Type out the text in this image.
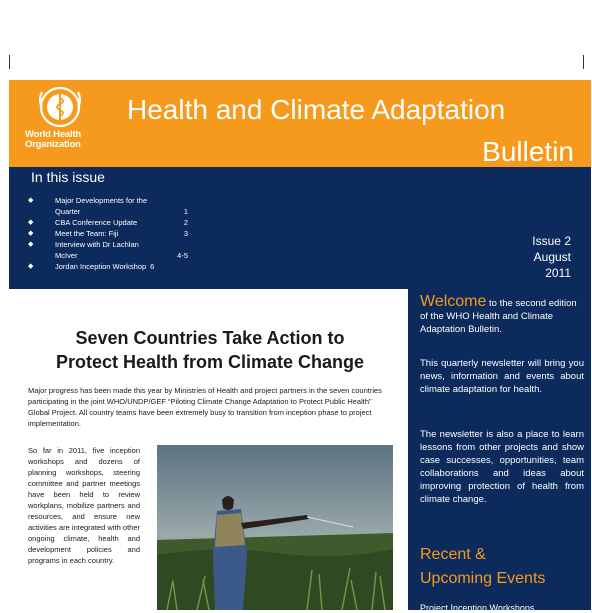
World Health
Organization
Health and Climate Adaptation
Bulletin
In this issue
◆	Major Developments for the
Quarter	1
◆	CBA Conference Update	2
◆	Meet the Team: Fiji	3
◆	Interview with Dr Lachlan
McIver	4-5
◆	Jordan Inception Workshop 6
Issue 2
August
2011
Welcome to the second edition of the WHO Health and Climate Adaptation Bulletin.
This quarterly newsletter will bring you news, information and events about climate adaptation for health.
The newsletter is also a place to learn lessons from other projects and show case successes, opportunities, team collaborations and ideas about improving protection of health from climate change.
Recent &
Upcoming Events
Project Inception Workshops
Seven Countries Take Action to
Protect Health from Climate Change
Major progress has been made this year by Ministries of Health and project partners in the seven countries participating in the joint WHO/UNDP/GEF “Piloting Climate Change Adaptation to Protect Public Health” Global Project. All country teams have been extremely busy to transition from inception phase to project implementation.
So far in 2011, five inception workshops and dozens of planning workshops, steering committee and partner meetings have been held to review workplans, mobilize partners and resources, and ensure new activities are integrated with other ongoing climate, health and development policies and programs in each country.
